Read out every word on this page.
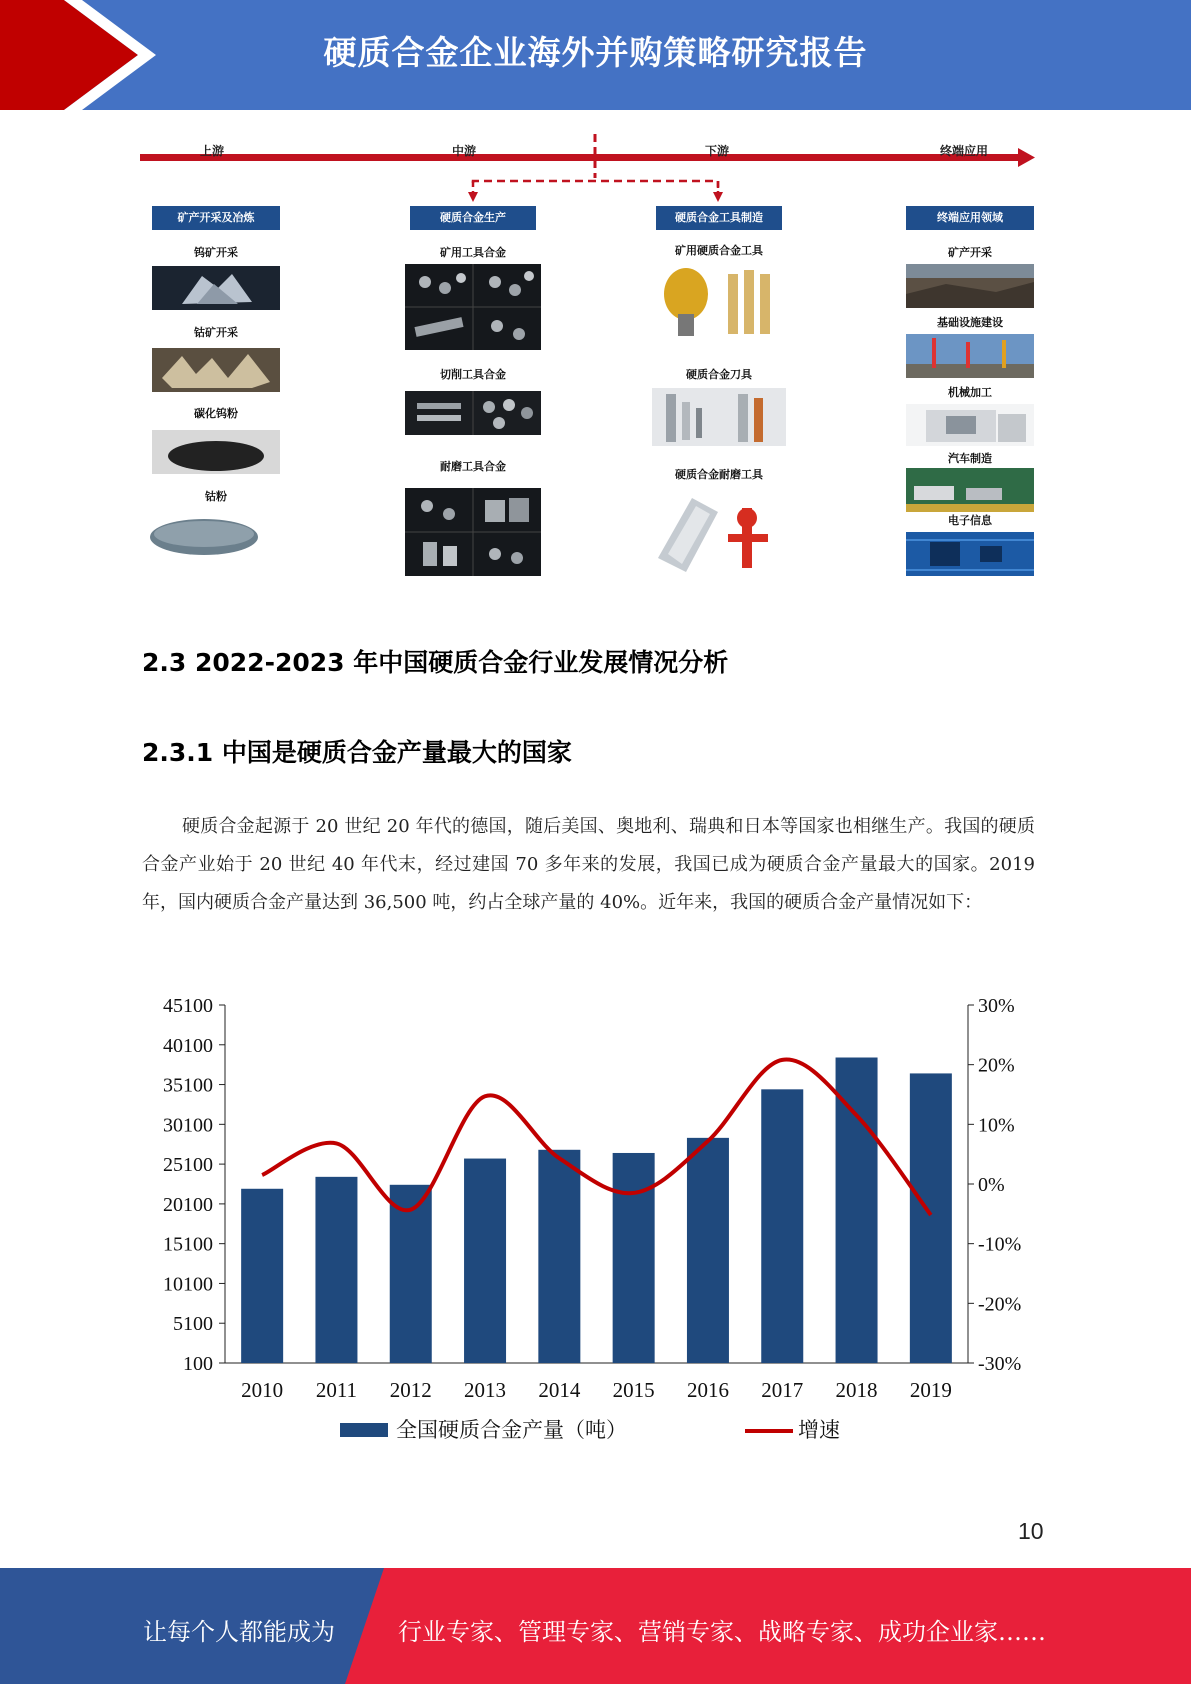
硬质合金企业海外并购策略研究报告
上游	中游	下游	终端应用
矿产开采及冶炼
钨矿开采
钴矿开采
碳化钨粉
钴粉
硬质合金生产
矿用工具合金
切削工具合金
耐磨工具合金
硬质合金工具制造
矿用硬质合金工具
硬质合金刀具
硬质合金耐磨工具
终端应用领域
矿产开采
基础设施建设
机械加工
汽车制造
电子信息
2.3 2022-2023 年中国硬质合金行业发展情况分析
2.3.1 中国是硬质合金产量最大的国家

硬质合金起源于 20 世纪 20 年代的德国，随后美国、奥地利、瑞典和日本等国家也相继生产。我国的硬质合金产业始于 20 世纪 40 年代末，经过建国 70 多年来的发展，我国已成为硬质合金产量最大的国家。2019 年，国内硬质合金产量达到 36,500 吨，约占全球产量的 40%。近年来，我国的硬质合金产量情况如下：

45100
40100
35100
30100
25100
20100
15100
10100
5100
100
30%
20%
10%
0%
-10%
-20%
-30%
2010 2011 2012 2013 2014 2015 2016 2017 2018 2019
全国硬质合金产量（吨）	增速
10
让每个人都能成为	行业专家、管理专家、营销专家、战略专家、成功企业家……
